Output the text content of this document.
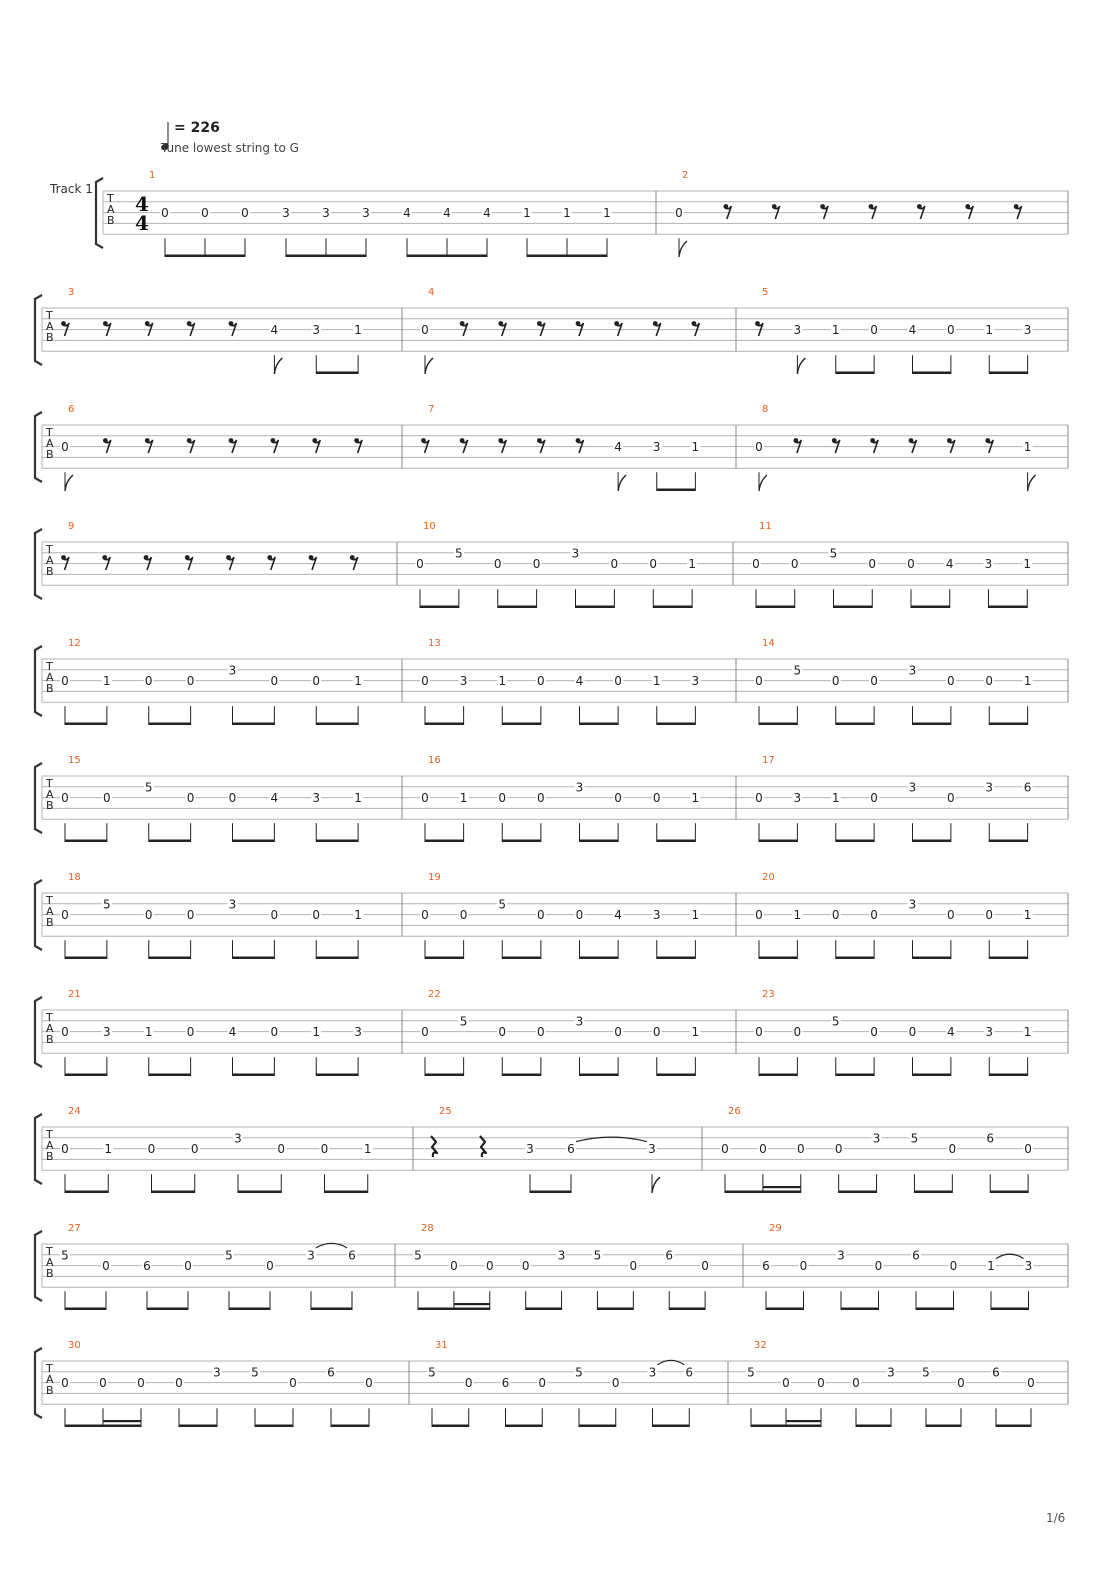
T
A
B
4
4
1
0	0	0	3	3	3	4	4	4	1	1	1
2
0
T
A
B
3
4	3	1
4
0
5
3	1	0	4	0	1	3
T
A
B
6
0
7
4	3	1
8
0	1
T
A
B
9	10
0
5
0	0
3
0	0	1
11
0	0
5
0	0	4	3	1
T
A
B
12
0	1	0	0
3
0	0	1
13
0	3	1	0	4	0	1	3
14
0
5
0	0
3
0	0	1
T
A
B
15
0	0
5
0	0	4	3	1
16
0	1	0	0
3
0	0	1
17
0	3	1	0
3
0
3	6
T
A
B
18
0
5
0	0
3
0	0	1
19
0	0
5
0	0	4	3	1
20
0	1	0	0
3
0	0	1
T
A
B
21
0	3	1	0	4	0	1	3
22
0
5
0	0
3
0	0	1
23
0	0
5
0	0	4	3	1
T
A
B
24
0	1	0	0
3
0	0	1
25
3	6	3
26
0	0	0	0
3	5
0
6
0
T
A
B
27
5
0	6	0
5
0
3	6
28
5
0 0 0
3 5
0
6
0
29
6 0
3
0
6
0 1 3
T
A
B
30
0	0	0	0
3	5
0
6
0
31
5
0 6 0
5
0
3 6
32
5
0 0 0
3 5
0
6
0
= 226
Tune lowest string to G
Track 1
1/6
